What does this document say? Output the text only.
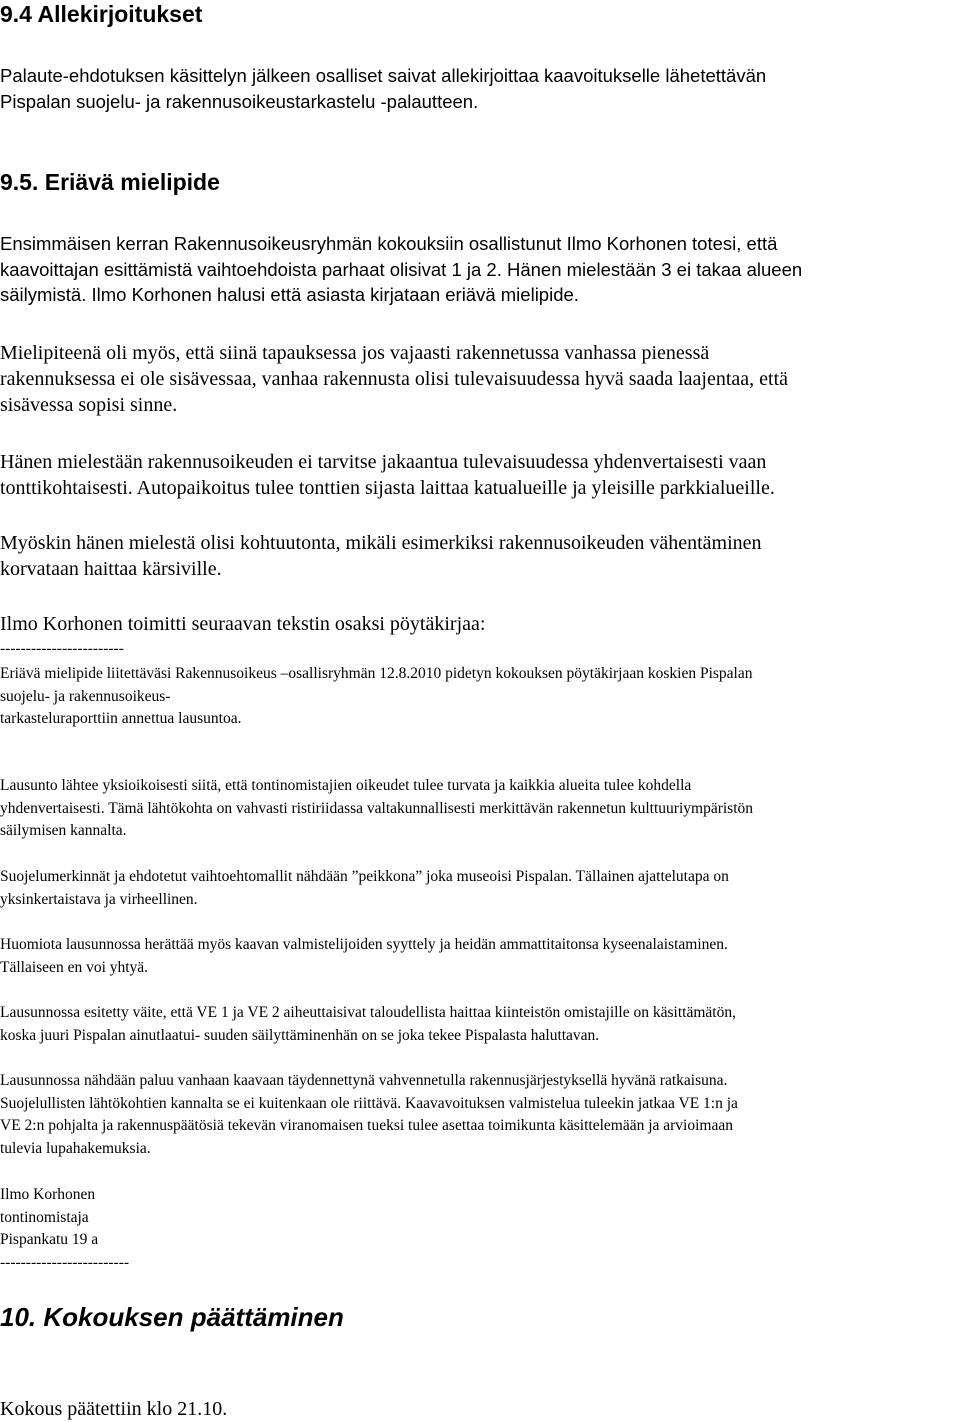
9.4 Allekirjoitukset

Palaute-ehdotuksen käsittelyn jälkeen osalliset saivat allekirjoittaa kaavoitukselle lähetettävän
Pispalan suojelu- ja rakennusoikeustarkastelu -palautteen.

9.5. Eriävä mielipide

Ensimmäisen kerran Rakennusoikeusryhmän kokouksiin osallistunut Ilmo Korhonen totesi, että
kaavoittajan esittämistä vaihtoehdoista parhaat olisivat 1 ja 2. Hänen mielestään 3 ei takaa alueen
säilymistä. Ilmo Korhonen halusi että asiasta kirjataan eriävä mielipide.

Mielipiteenä oli myös, että siinä tapauksessa jos vajaasti rakennetussa vanhassa pienessä
rakennuksessa ei ole sisävessaa, vanhaa rakennusta olisi tulevaisuudessa hyvä saada laajentaa, että
sisävessa sopisi sinne.

Hänen mielestään rakennusoikeuden ei tarvitse jakaantua tulevaisuudessa yhdenvertaisesti vaan
tonttikohtaisesti. Autopaikoitus tulee tonttien sijasta laittaa katualueille ja yleisille parkkialueille.

Myöskin hänen mielestä olisi kohtuutonta, mikäli esimerkiksi rakennusoikeuden vähentäminen
korvataan haittaa kärsiville.

Ilmo Korhonen toimitti seuraavan tekstin osaksi pöytäkirjaa:

------------------------

Eriävä mielipide liitettäväsi Rakennusoikeus –osallisryhmän 12.8.2010 pidetyn kokouksen pöytäkirjaan koskien Pispalan
suojelu- ja rakennusoikeus-
tarkasteluraporttiin annettua lausuntoa.

Lausunto lähtee yksioikoisesti siitä, että tontinomistajien oikeudet tulee turvata ja kaikkia alueita tulee kohdella
yhdenvertaisesti. Tämä lähtökohta on vahvasti ristiriidassa valtakunnallisesti merkittävän rakennetun kulttuuriympäristön
säilymisen kannalta.

Suojelumerkinnät ja ehdotetut vaihtoehtomallit nähdään ”peikkona” joka museoisi Pispalan. Tällainen ajattelutapa on
yksinkertaistava ja virheellinen.

Huomiota lausunnossa herättää myös kaavan valmistelijoiden syyttely ja heidän ammattitaitonsa kyseenalaistaminen.
Tällaiseen en voi yhtyä.

Lausunnossa esitetty väite, että VE 1 ja VE 2 aiheuttaisivat taloudellista haittaa kiinteistön omistajille on käsittämätön,
koska juuri Pispalan ainutlaatui- suuden säilyttäminenhän on se joka tekee Pispalasta haluttavan.

Lausunnossa nähdään paluu vanhaan kaavaan täydennettynä vahvennetulla rakennusjärjestyksellä hyvänä ratkaisuna.
Suojelullisten lähtökohtien kannalta se ei kuitenkaan ole riittävä. Kaavavoituksen valmistelua tuleekin jatkaa VE 1:n ja
VE 2:n pohjalta ja rakennuspäätösiä tekevän viranomaisen tueksi tulee asettaa toimikunta käsittelemään ja arvioimaan
tulevia lupahakemuksia.

Ilmo Korhonen
tontinomistaja
Pispankatu 19 a

-------------------------

10. Kokouksen päättäminen

Kokous päätettiin klo 21.10.
